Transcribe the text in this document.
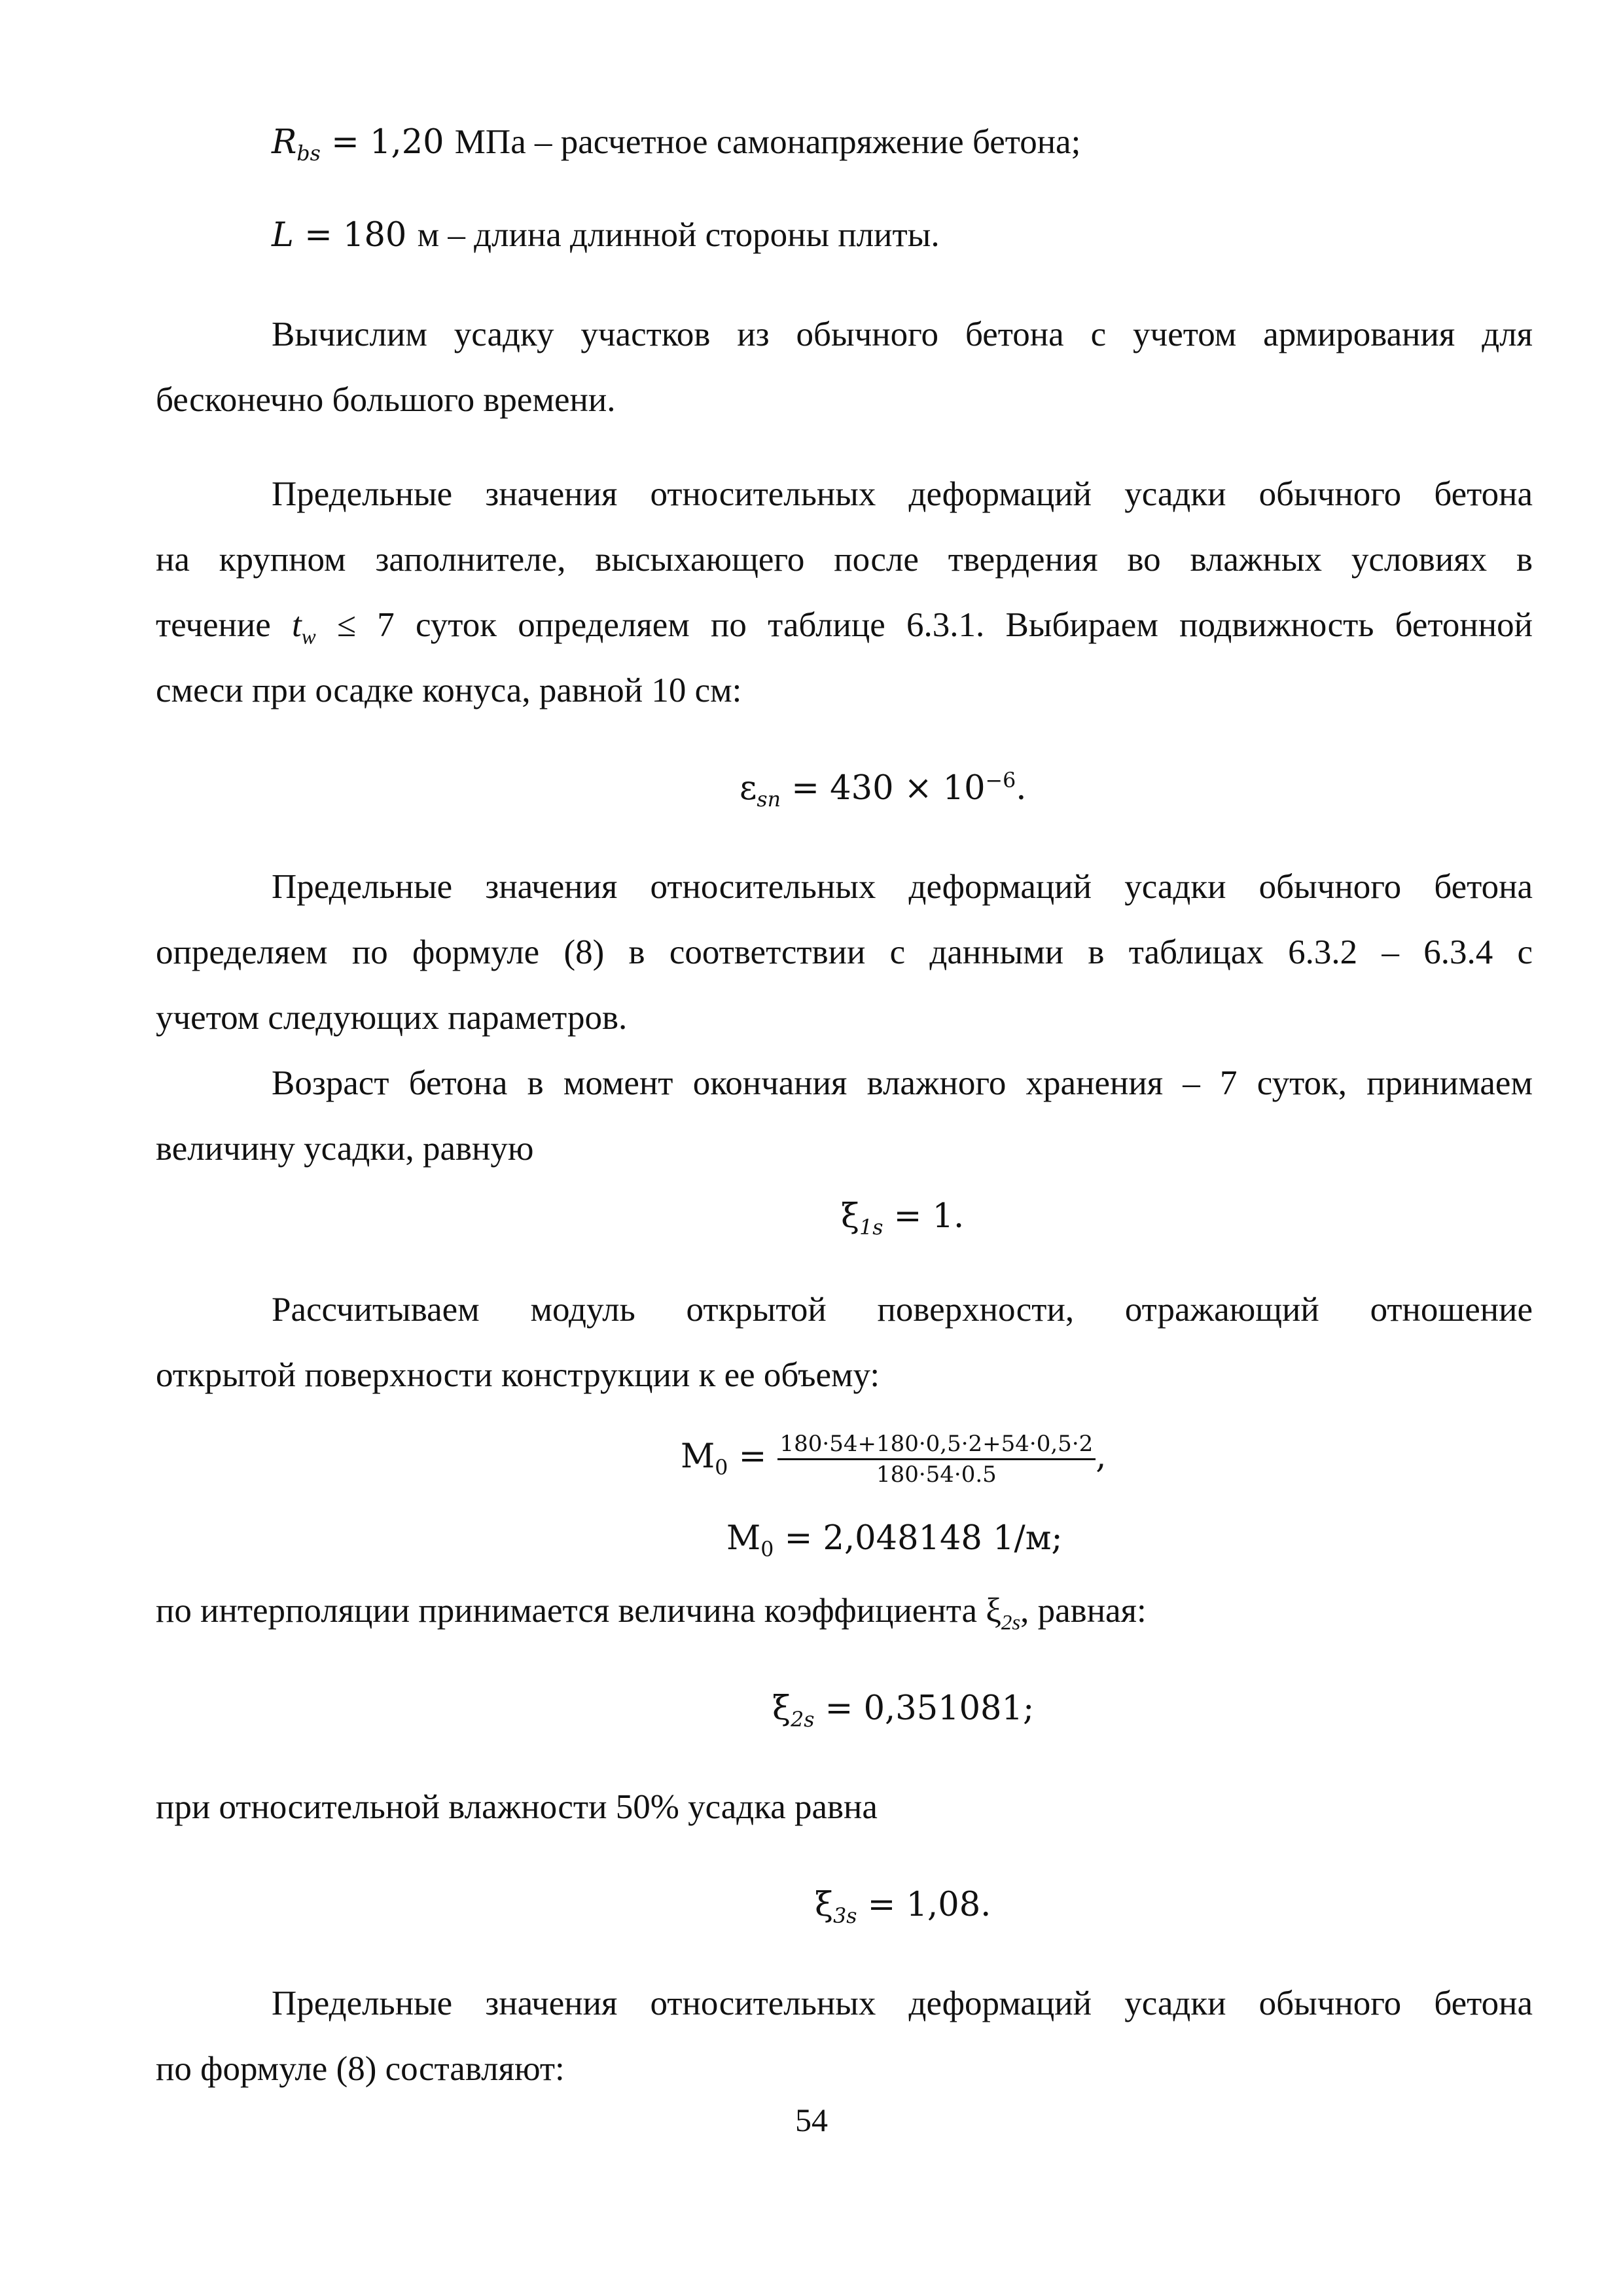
$R_{bs} = 1,20$ МПа – расчетное самонапряжение бетона;
L = 180 м – длина длинной стороны плиты.
Вычислим усадку участков из обычного бетона с учетом армирования для
бесконечно большого времени.
Предельные значения относительных деформаций усадки обычного бетона
на крупном заполнителе, высыхающего после твердения во влажных условиях в
течение $t_w \le 7$ суток определяем по таблице 6.3.1. Выбираем подвижность бетонной
смеси при осадке конуса, равной 10 см:
$\varepsilon_{sn} = 430 \times 10^{-6}$.
Предельные значения относительных деформаций усадки обычного бетона
определяем по формуле (8) в соответствии с данными в таблицах 6.3.2 – 6.3.4 с
учетом следующих параметров.
Возраст бетона в момент окончания влажного хранения – 7 суток, принимаем
величину усадки, равную
$\xi_{1s} = 1$.
Рассчитываем модуль открытой поверхности, отражающий отношение
открытой поверхности конструкции к ее объему:
$M_0 = \frac{180\cdot 54+180\cdot 0,5\cdot 2+54\cdot 0,5\cdot 2}{180\cdot 54\cdot 0.5}$ ,
$M_0 = 2,048148$ 1/м;
по интерполяции принимается величина коэффициента $\xi_{2s}$, равная:
$\xi_{2s} = 0,351081$;
при относительной влажности 50% усадка равна
$\xi_{3s} = 1,08$.
Предельные значения относительных деформаций усадки обычного бетона
по формуле (8) составляют:
54
